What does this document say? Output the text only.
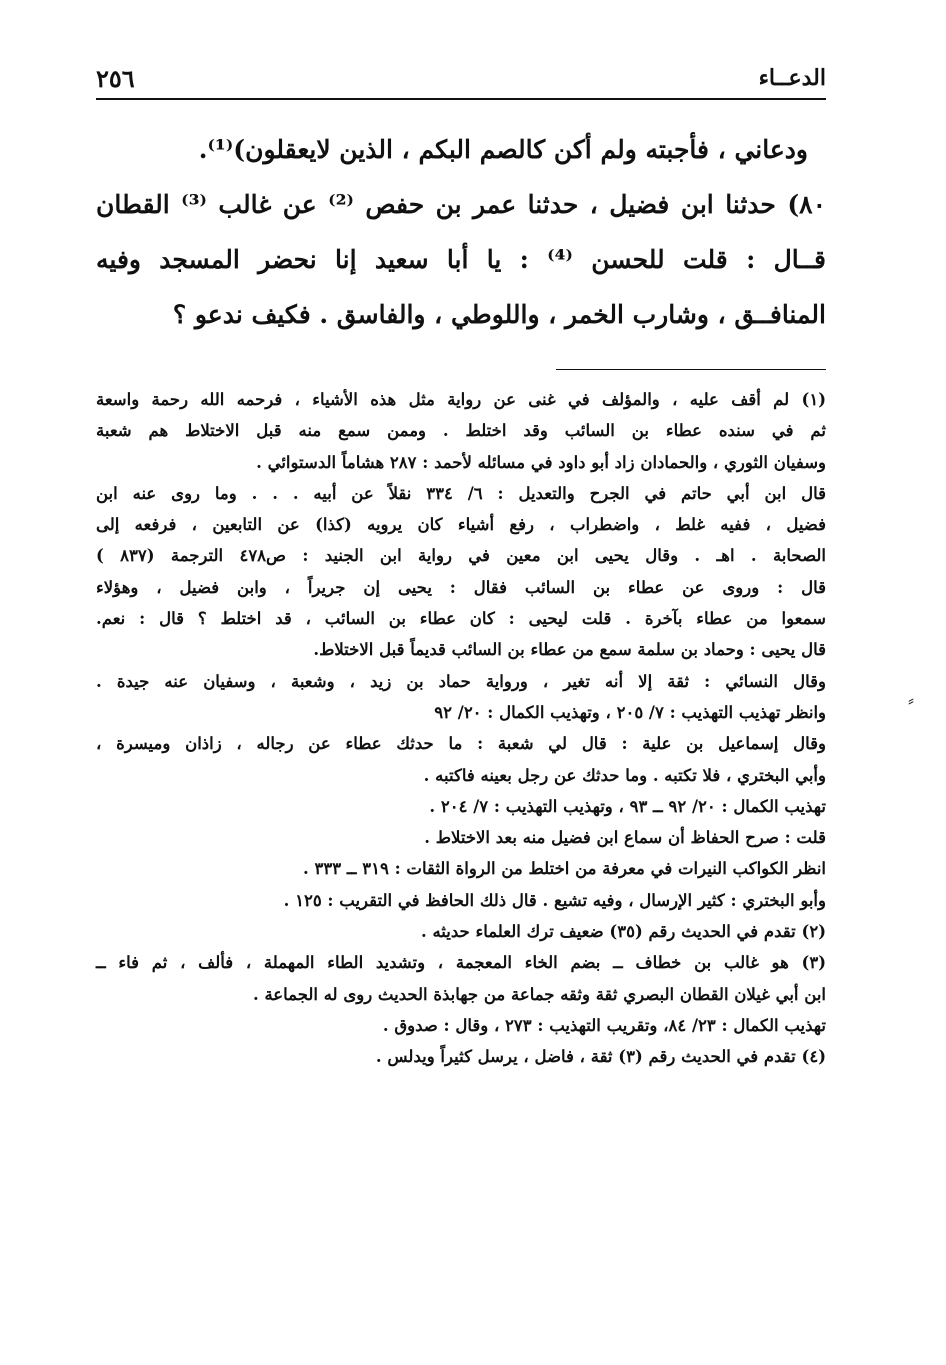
الدعــاء
٢٥٦
ودعاني ، فأجبته ولم أكن كالصم البكم ، الذين لايعقلون)⁽¹⁾.
٨٠) حدثنا ابن فضيل ، حدثنا عمر بن حفص ⁽²⁾ عن غالب ⁽³⁾ القطان
قــال : قلت للحسن ⁽⁴⁾ : يا أبا سعيد إنا نحضر المسجد وفيه
المنافــق ، وشارب الخمر ، واللوطي ، والفاسق . فكيف ندعو ؟
(١) لم أقف عليه ، والمؤلف في غنى عن رواية مثل هذه الأشياء ، فرحمه الله رحمة واسعة
ثم في سنده عطاء بن السائب وقد اختلط . وممن سمع منه قبل الاختلاط هم شعبة
وسفيان الثوري ، والحمادان زاد أبو داود في مسائله لأحمد : ٢٨٧ هشاماً الدستوائي .
قال ابن أبي حاتم في الجرح والتعديل : ٦/ ٣٣٤ نقلاً عن أبيه . . . وما روى عنه ابن
فضيل ، ففيه غلط ، واضطراب ، رفع أشياء كان يرويه (كذا) عن التابعين ، فرفعه إلى
الصحابة . اهـ . وقال يحيى ابن معين في رواية ابن الجنيد : ص٤٧٨ الترجمة (٨٣٧ )
قال : وروى عن عطاء بن السائب فقال : يحيى إن جريراً ، وابن فضيل ، وهؤلاء
سمعوا من عطاء بآخرة . قلت ليحيى : كان عطاء بن السائب ، قد اختلط ؟ قال : نعم.
قال يحيى : وحماد بن سلمة سمع من عطاء بن السائب قديماً قبل الاختلاط.
وقال النسائي : ثقة إلا أنه تغير ، ورواية حماد بن زيد ، وشعبة ، وسفيان عنه جيدة .
وانظر تهذيب التهذيب : ٧/ ٢٠٥ ، وتهذيب الكمال : ٢٠/ ٩٢
وقال إسماعيل بن علية : قال لي شعبة : ما حدثك عطاء عن رجاله ، زاذان وميسرة ،
وأبي البختري ، فلا تكتبه . وما حدثك عن رجل بعينه فاكتبه .
تهذيب الكمال : ٢٠/ ٩٢ ــ ٩٣ ، وتهذيب التهذيب : ٧/ ٢٠٤ .
قلت : صرح الحفاظ أن سماع ابن فضيل منه بعد الاختلاط .
انظر الكواكب النيرات في معرفة من اختلط من الرواة الثقات : ٣١٩ ــ ٣٣٣ .
وأبو البختري : كثير الإرسال ، وفيه تشيع . قال ذلك الحافظ في التقريب : ١٢٥ .
(٢) تقدم في الحديث رقم (٣٥) ضعيف ترك العلماء حديثه .
(٣) هو غالب بن خطاف ــ بضم الخاء المعجمة ، وتشديد الطاء المهملة ، فألف ، ثم فاء ــ
ابن أبي غيلان القطان البصري ثقة وثقه جماعة من جهابذة الحديث روى له الجماعة .
تهذيب الكمال : ٢٣/ ٨٤، وتقريب التهذيب : ٢٧٣ ، وقال : صدوق .
(٤) تقدم في الحديث رقم (٣) ثقة ، فاضل ، يرسل كثيراً ويدلس .
⸗
